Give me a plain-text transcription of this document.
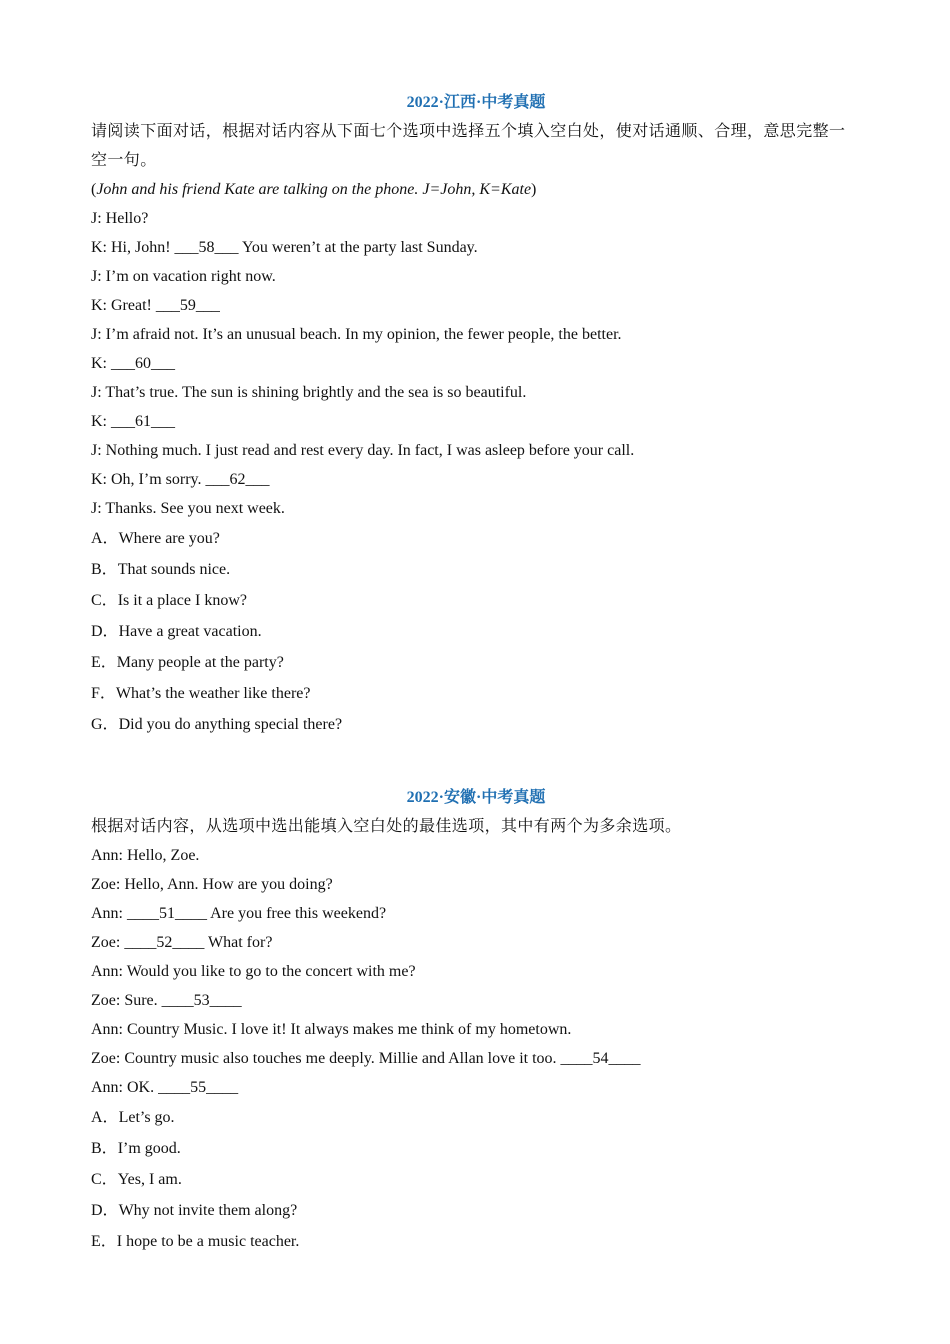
2022·江西·中考真题
请阅读下面对话，根据对话内容从下面七个选项中选择五个填入空白处，使对话通顺、合理，意思完整一空一句。
(John and his friend Kate are talking on the phone. J=John, K=Kate)
J: Hello?
K: Hi, John! ___58___ You weren’t at the party last Sunday.
J: I’m on vacation right now.
K: Great! ___59___
J: I’m afraid not. It’s an unusual beach. In my opinion, the fewer people, the better.
K: ___60___
J: That’s true. The sun is shining brightly and the sea is so beautiful.
K: ___61___
J: Nothing much. I just read and rest every day. In fact, I was asleep before your call.
K: Oh, I’m sorry. ___62___
J: Thanks. See you next week.
A．Where are you?
B．That sounds nice.
C．Is it a place I know?
D．Have a great vacation.
E．Many people at the party?
F．What’s the weather like there?
G．Did you do anything special there?
2022·安徽·中考真题
根据对话内容，从选项中选出能填入空白处的最佳选项，其中有两个为多余选项。
Ann: Hello, Zoe.
Zoe: Hello, Ann. How are you doing?
Ann: ____51____ Are you free this weekend?
Zoe: ____52____ What for?
Ann: Would you like to go to the concert with me?
Zoe: Sure. ____53____
Ann: Country Music. I love it! It always makes me think of my hometown.
Zoe: Country music also touches me deeply. Millie and Allan love it too. ____54____
Ann: OK. ____55____
A．Let’s go.
B．I’m good.
C．Yes, I am.
D．Why not invite them along?
E．I hope to be a music teacher.
